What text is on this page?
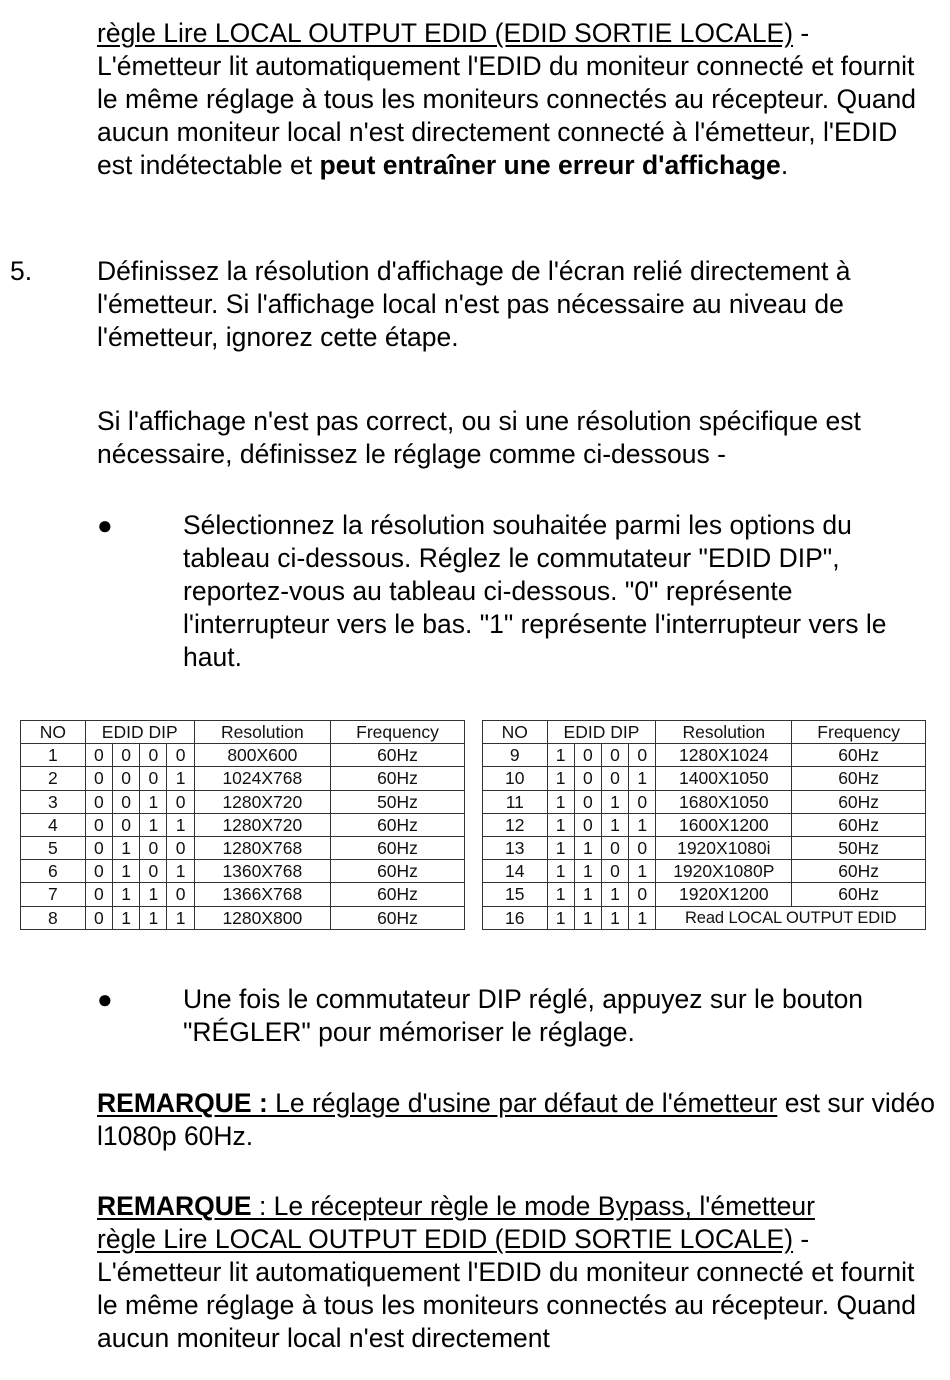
règle Lire LOCAL OUTPUT EDID (EDID SORTIE LOCALE) - L'émetteur lit automatiquement l'EDID du moniteur connecté et fournit le même réglage à tous les moniteurs connectés au récepteur. Quand aucun moniteur local n'est directement connecté à l'émetteur, l'EDID est indétectable et peut entraîner une erreur d'affichage.

5. Définissez la résolution d'affichage de l'écran relié directement à l'émetteur. Si l'affichage local n'est pas nécessaire au niveau de l'émetteur, ignorez cette étape.

Si l'affichage n'est pas correct, ou si une résolution spécifique est nécessaire, définissez le réglage comme ci-dessous -

●	Sélectionnez la résolution souhaitée parmi les options du tableau ci-dessous. Réglez le commutateur "EDID DIP", reportez-vous au tableau ci-dessous. "0" représente l'interrupteur vers le bas. "1" représente l'interrupteur vers le haut.

NO	EDID DIP				Resolution	Frequency
1	0	0	0	0	800X600	60Hz
2	0	0	0	1	1024X768	60Hz
3	0	0	1	0	1280X720	50Hz
4	0	0	1	1	1280X720	60Hz
5	0	1	0	0	1280X768	60Hz
6	0	1	0	1	1360X768	60Hz
7	0	1	1	0	1366X768	60Hz
8	0	1	1	1	1280X800	60Hz
NO	EDID DIP				Resolution	Frequency
9	1	0	0	0	1280X1024	60Hz
10	1	0	0	1	1400X1050	60Hz
11	1	0	1	0	1680X1050	60Hz
12	1	0	1	1	1600X1200	60Hz
13	1	1	0	0	1920X1080i	50Hz
14	1	1	0	1	1920X1080P	60Hz
15	1	1	1	0	1920X1200	60Hz
16	1	1	1	1	Read LOCAL OUTPUT EDID	
●	Une fois le commutateur DIP réglé, appuyez sur le bouton "RÉGLER" pour mémoriser le réglage.

REMARQUE : Le réglage d'usine par défaut de l'émetteur est sur vidéo l1080p 60Hz.

REMARQUE : Le récepteur règle le mode Bypass, l'émetteur
règle Lire LOCAL OUTPUT EDID (EDID SORTIE LOCALE) -
L'émetteur lit automatiquement l'EDID du moniteur connecté et fournit le même réglage à tous les moniteurs connectés au récepteur. Quand aucun moniteur local n'est directement
